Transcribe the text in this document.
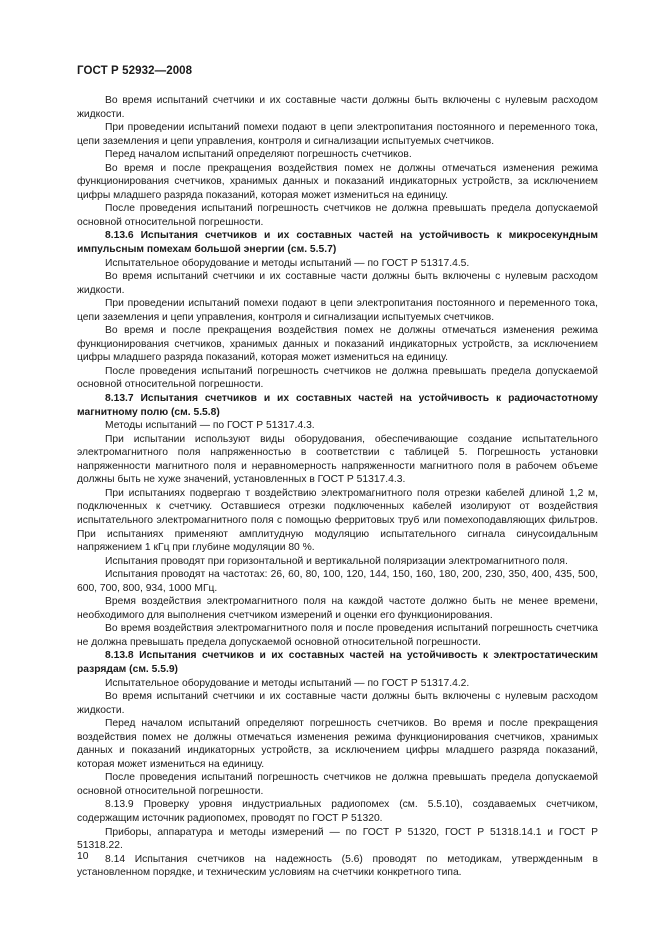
ГОСТ Р 52932—2008

Во время испытаний счетчики и их составные части должны быть включены с нулевым расходом жидкости.

При проведении испытаний помехи подают в цепи электропитания постоянного и переменного тока, цепи заземления и цепи управления, контроля и сигнализации испытуемых счетчиков.

Перед началом испытаний определяют погрешность счетчиков.

Во время и после прекращения воздействия помех не должны отмечаться изменения режима функционирования счетчиков, хранимых данных и показаний индикаторных устройств, за исключением цифры младшего разряда показаний, которая может измениться на единицу.

После проведения испытаний погрешность счетчиков не должна превышать предела допускаемой основной относительной погрешности.

8.13.6 Испытания счетчиков и их составных частей на устойчивость к микросекундным импульсным помехам большой энергии (см. 5.5.7)

Испытательное оборудование и методы испытаний — по ГОСТ Р 51317.4.5.

Во время испытаний счетчики и их составные части должны быть включены с нулевым расходом жидкости.

При проведении испытаний помехи подают в цепи электропитания постоянного и переменного тока, цепи заземления и цепи управления, контроля и сигнализации испытуемых счетчиков.

Во время и после прекращения воздействия помех не должны отмечаться изменения режима функционирования счетчиков, хранимых данных и показаний индикаторных устройств, за исключением цифры младшего разряда показаний, которая может измениться на единицу.

После проведения испытаний погрешность счетчиков не должна превышать предела допускаемой основной относительной погрешности.

8.13.7 Испытания счетчиков и их составных частей на устойчивость к радиочастотному магнитному полю (см. 5.5.8)

Методы испытаний — по ГОСТ Р 51317.4.3.

При испытании используют виды оборудования, обеспечивающие создание испытательного электромагнитного поля напряженностью в соответствии с таблицей 5. Погрешность установки напряженности магнитного поля и неравномерность напряженности магнитного поля в рабочем объеме должны быть не хуже значений, установленных в ГОСТ Р 51317.4.3.

При испытаниях подвергаю т воздействию электромагнитного поля отрезки кабелей длиной 1,2 м, подключенных к счетчику. Оставшиеся отрезки подключенных кабелей изолируют от воздействия испытательного электромагнитного поля с помощью ферритовых труб или помехоподавляющих фильтров. При испытаниях применяют амплитудную модуляцию испытательного сигнала синусоидальным напряжением 1 кГц при глубине модуляции 80 %.

Испытания проводят при горизонтальной и вертикальной поляризации электромагнитного поля.

Испытания проводят на частотах: 26, 60, 80, 100, 120, 144, 150, 160, 180, 200, 230, 350, 400, 435, 500, 600, 700, 800, 934, 1000 МГц.

Время воздействия электромагнитного поля на каждой частоте должно быть не менее времени, необходимого для выполнения счетчиком измерений и оценки его функционирования.

Во время воздействия электромагнитного поля и после проведения испытаний погрешность счетчика не должна превышать предела допускаемой основной относительной погрешности.

8.13.8 Испытания счетчиков и их составных частей на устойчивость к электростатическим разрядам (см. 5.5.9)

Испытательное оборудование и методы испытаний — по ГОСТ Р 51317.4.2.

Во время испытаний счетчики и их составные части должны быть включены с нулевым расходом жидкости.

Перед началом испытаний определяют погрешность счетчиков. Во время и после прекращения воздействия помех не должны отмечаться изменения режима функционирования счетчиков, хранимых данных и показаний индикаторных устройств, за исключением цифры младшего разряда показаний, которая может измениться на единицу.

После проведения испытаний погрешность счетчиков не должна превышать предела допускаемой основной относительной погрешности.

8.13.9 Проверку уровня индустриальных радиопомех (см. 5.5.10), создаваемых счетчиком, содержащим источник радиопомех, проводят по ГОСТ Р 51320.

Приборы, аппаратура и методы измерений — по ГОСТ Р 51320, ГОСТ Р 51318.14.1 и ГОСТ Р 51318.22.

8.14 Испытания счетчиков на надежность (5.6) проводят по методикам, утвержденным в установленном порядке, и техническим условиям на счетчики конкретного типа.

10
